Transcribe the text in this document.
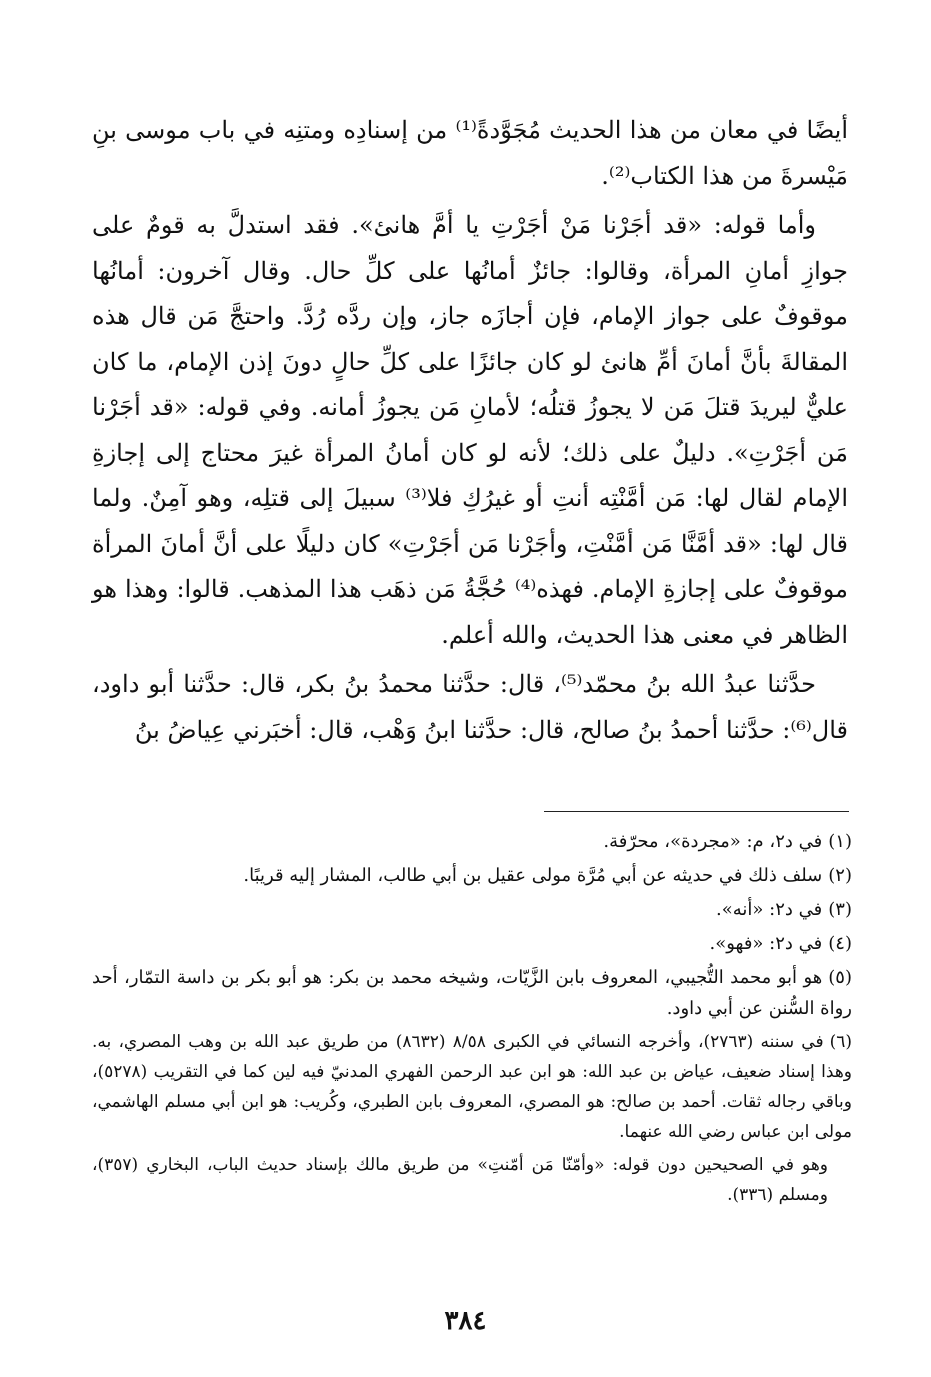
أيضًا في معان من هذا الحديث مُجَوَّدةً⁽¹⁾ من إسنادِه ومتنِه في باب موسى بنِ مَيْسرةَ من هذا الكتاب⁽²⁾.

وأما قوله: «قد أجَرْنا مَنْ أجَرْتِ يا أمَّ هانئ». فقد استدلَّ به قومٌ على جوازِ أمانِ المرأة، وقالوا: جائزٌ أمانُها على كلِّ حال. وقال آخرون: أمانُها موقوفٌ على جواز الإمام، فإن أجازَه جاز، وإن ردَّه رُدَّ. واحتجَّ مَن قال هذه المقالةَ بأنَّ أمانَ أمِّ هانئ لو كان جائزًا على كلِّ حالٍ دونَ إذن الإمام، ما كان عليٌّ ليريدَ قتلَ مَن لا يجوزُ قتلُه؛ لأمانِ مَن يجوزُ أمانه. وفي قوله: «قد أجَرْنا مَن أجَرْتِ». دليلٌ على ذلك؛ لأنه لو كان أمانُ المرأة غيرَ محتاج إلى إجازةِ الإمام لقال لها: مَن أمَّنْتِه أنتِ أو غيرُكِ فلا⁽³⁾ سبيلَ إلى قتلِه، وهو آمِنٌ. ولما قال لها: «قد أمَّنَّا مَن أمَّنْتِ، وأجَرْنا مَن أجَرْتِ» كان دليلًا على أنَّ أمانَ المرأة موقوفٌ على إجازةِ الإمام. فهذه⁽⁴⁾ حُجَّةُ مَن ذهَب هذا المذهب. قالوا: وهذا هو الظاهر في معنى هذا الحديث، والله أعلم.

حدَّثنا عبدُ الله بنُ محمّد⁽⁵⁾، قال: حدَّثنا محمدُ بنُ بكر، قال: حدَّثنا أبو داود، قال⁽⁶⁾: حدَّثنا أحمدُ بنُ صالح، قال: حدَّثنا ابنُ وَهْب، قال: أخبَرني عِياضُ بنُ

(١)في د٢، م: «مجردة»، محرّفة.

(٢)سلف ذلك في حديثه عن أبي مُرَّة مولى عقيل بن أبي طالب، المشار إليه قريبًا.

(٣)في د٢: «أنه».

(٤)في د٢: «فهو».

(٥)هو أبو محمد التُّجيبي، المعروف بابن الزَّيّات، وشيخه محمد بن بكر: هو أبو بكر بن داسة التمّار، أحد رواة السُّنن عن أبي داود.

(٦)في سننه (٢٧٦٣)، وأخرجه النسائي في الكبرى ٨/٥٨ (٨٦٣٢) من طريق عبد الله بن وهب المصري، به. وهذا إسناد ضعيف، عياض بن عبد الله: هو ابن عبد الرحمن الفهري المدنيّ فيه لين كما في التقريب (٥٢٧٨)، وباقي رجاله ثقات. أحمد بن صالح: هو المصري، المعروف بابن الطبري، وكُريب: هو ابن أبي مسلم الهاشمي، مولى ابن عباس رضي الله عنهما.

وهو في الصحيحين دون قوله: «وأمّنّا مَن أمّنتِ» من طريق مالك بإسناد حديث الباب، البخاري (٣٥٧)، ومسلم (٣٣٦).

٣٨٤
